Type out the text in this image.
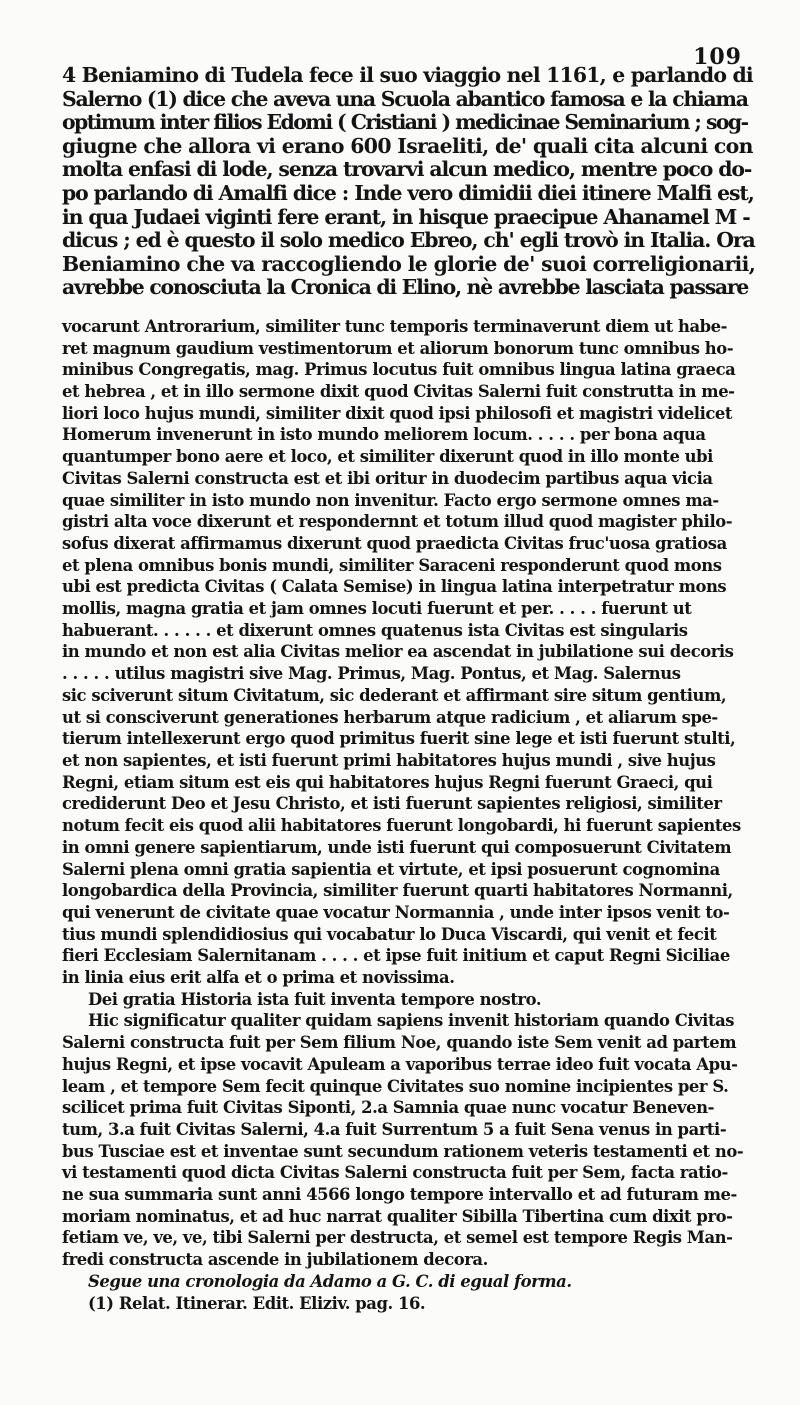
109
4 Beniamino di Tudela fece il suo viaggio nel 1161, e parlando di
Salerno (1) dice che aveva una Scuola abantico famosa e la chiama
optimum inter filios Edomi ( Cristiani ) medicinae Seminarium ; sog-
giugne che allora vi erano 600 Israeliti, de' quali cita alcuni con
molta enfasi di lode, senza trovarvi alcun medico, mentre poco do-
po parlando di Amalfi dice : Inde vero dimidii diei itinere Malfi est,
in qua Judaei viginti fere erant, in hisque praecipue Ahanamel M -
dicus ; ed è questo il solo medico Ebreo, ch' egli trovò in Italia. Ora
Beniamino che va raccogliendo le glorie de' suoi correligionarii,
avrebbe conosciuta la Cronica di Elino, nè avrebbe lasciata passare
vocarunt Antrorarium, similiter tunc temporis terminaverunt diem ut habe-
ret magnum gaudium vestimentorum et aliorum bonorum tunc omnibus ho-
minibus Congregatis, mag. Primus locutus fuit omnibus lingua latina graeca
et hebrea , et in illo sermone dixit quod Civitas Salerni fuit construtta in me-
liori loco hujus mundi, similiter dixit quod ipsi philosofi et magistri videlicet
Homerum invenerunt in isto mundo meliorem locum. . . . . per bona aqua
quantumper bono aere et loco, et similiter dixerunt quod in illo monte ubi
Civitas Salerni constructa est et ibi oritur in duodecim partibus aqua vicia
quae similiter in isto mundo non invenitur. Facto ergo sermone omnes ma-
gistri alta voce dixerunt et respondernnt et totum illud quod magister philo-
sofus dixerat affirmamus dixerunt quod praedicta Civitas fruc'uosa gratiosa
et plena omnibus bonis mundi, similiter Saraceni responderunt quod mons
ubi est predicta Civitas ( Calata Semise) in lingua latina interpetratur mons
mollis, magna gratia et jam omnes locuti fuerunt et per. . . . . fuerunt ut
habuerant. . . . . . et dixerunt omnes quatenus ista Civitas est singularis
in mundo et non est alia Civitas melior ea ascendat in jubilatione sui decoris
. . . . . utilus magistri sive Mag. Primus, Mag. Pontus, et Mag. Salernus
sic sciverunt situm Civitatum, sic dederant et affirmant sire situm gentium,
ut si consciverunt generationes herbarum atque radicium , et aliarum spe-
tierum intellexerunt ergo quod primitus fuerit sine lege et isti fuerunt stulti,
et non sapientes, et isti fuerunt primi habitatores hujus mundi , sive hujus
Regni, etiam situm est eis qui habitatores hujus Regni fuerunt Graeci, qui
crediderunt Deo et Jesu Christo, et isti fuerunt sapientes religiosi, similiter
notum fecit eis quod alii habitatores fuerunt longobardi, hi fuerunt sapientes
in omni genere sapientiarum, unde isti fuerunt qui composuerunt Civitatem
Salerni plena omni gratia sapientia et virtute, et ipsi posuerunt cognomina
longobardica della Provincia, similiter fuerunt quarti habitatores Normanni,
qui venerunt de civitate quae vocatur Normannia , unde inter ipsos venit to-
tius mundi splendidiosius qui vocabatur lo Duca Viscardi, qui venit et fecit
fieri Ecclesiam Salernitanam . . . . et ipse fuit initium et caput Regni Siciliae
in linia eius erit alfa et o prima et novissima.
Dei gratia Historia ista fuit inventa tempore nostro.
Hic significatur qualiter quidam sapiens invenit historiam quando Civitas
Salerni constructa fuit per Sem filium Noe, quando iste Sem venit ad partem
hujus Regni, et ipse vocavit Apuleam a vaporibus terrae ideo fuit vocata Apu-
leam , et tempore Sem fecit quinque Civitates suo nomine incipientes per S.
scilicet prima fuit Civitas Siponti, 2.a Samnia quae nunc vocatur Beneven-
tum, 3.a fuit Civitas Salerni, 4.a fuit Surrentum 5 a fuit Sena venus in parti-
bus Tusciae est et inventae sunt secundum rationem veteris testamenti et no-
vi testamenti quod dicta Civitas Salerni constructa fuit per Sem, facta ratio-
ne sua summaria sunt anni 4566 longo tempore intervallo et ad futuram me-
moriam nominatus, et ad huc narrat qualiter Sibilla Tibertina cum dixit pro-
fetiam ve, ve, ve, tibi Salerni per destructa, et semel est tempore Regis Man-
fredi constructa ascende in jubilationem decora.
Segue una cronologia da Adamo a G. C. di egual forma.
(1) Relat. Itinerar. Edit. Eliziv. pag. 16.
